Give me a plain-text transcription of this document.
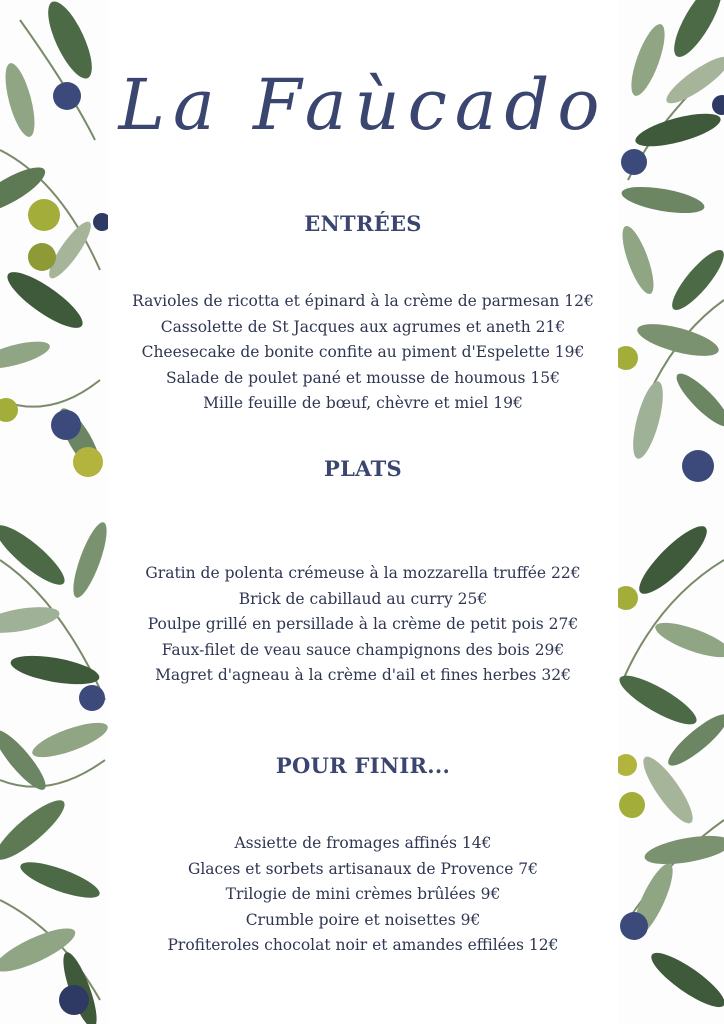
La Faùcado
ENTRÉES
Ravioles de ricotta et épinard à la crème de parmesan 12€
Cassolette de St Jacques aux agrumes et aneth 21€
Cheesecake de bonite confite au piment d'Espelette 19€
Salade de poulet pané et mousse de houmous 15€
Mille feuille de bœuf, chèvre et miel 19€
PLATS
Gratin de polenta crémeuse à la mozzarella truffée 22€
Brick de cabillaud au curry 25€
Poulpe grillé en persillade à la crème de petit pois 27€
Faux-filet de veau sauce champignons des bois 29€
Magret d'agneau à la crème d'ail et fines herbes 32€
POUR FINIR...
Assiette de fromages affinés 14€
Glaces et sorbets artisanaux de Provence 7€
Trilogie de mini crèmes brûlées 9€
Crumble poire et noisettes 9€
Profiteroles chocolat noir et amandes effilées 12€
